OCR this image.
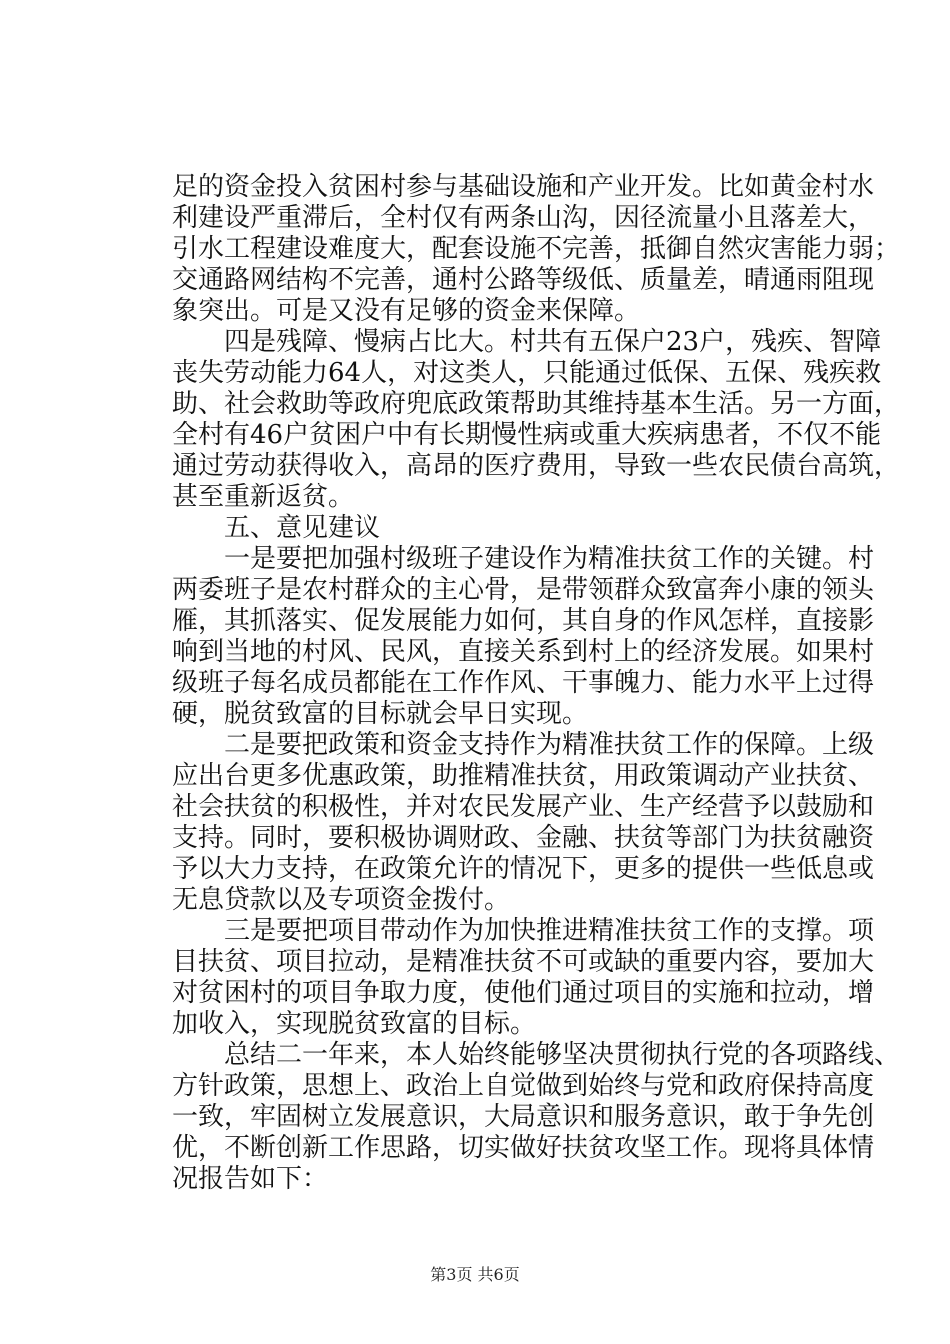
足的资金投入贫困村参与基础设施和产业开发。比如黄金村水
利建设严重滞后，全村仅有两条山沟，因径流量小且落差大，
引水工程建设难度大，配套设施不完善，抵御自然灾害能力弱；
交通路网结构不完善，通村公路等级低、质量差，晴通雨阻现
象突出。可是又没有足够的资金来保障。
四是残障、慢病占比大。村共有五保户23户，残疾、智障
丧失劳动能力64人，对这类人，只能通过低保、五保、残疾救
助、社会救助等政府兜底政策帮助其维持基本生活。另一方面，
全村有46户贫困户中有长期慢性病或重大疾病患者，不仅不能
通过劳动获得收入，高昂的医疗费用，导致一些农民债台高筑，
甚至重新返贫。
五、意见建议
一是要把加强村级班子建设作为精准扶贫工作的关键。村
两委班子是农村群众的主心骨，是带领群众致富奔小康的领头
雁，其抓落实、促发展能力如何，其自身的作风怎样，直接影
响到当地的村风、民风，直接关系到村上的经济发展。如果村
级班子每名成员都能在工作作风、干事魄力、能力水平上过得
硬，脱贫致富的目标就会早日实现。
二是要把政策和资金支持作为精准扶贫工作的保障。上级
应出台更多优惠政策，助推精准扶贫，用政策调动产业扶贫、
社会扶贫的积极性，并对农民发展产业、生产经营予以鼓励和
支持。同时，要积极协调财政、金融、扶贫等部门为扶贫融资
予以大力支持，在政策允许的情况下，更多的提供一些低息或
无息贷款以及专项资金拨付。
三是要把项目带动作为加快推进精准扶贫工作的支撑。项
目扶贫、项目拉动，是精准扶贫不可或缺的重要内容，要加大
对贫困村的项目争取力度，使他们通过项目的实施和拉动，增
加收入，实现脱贫致富的目标。
总结二一年来，本人始终能够坚决贯彻执行党的各项路线、
方针政策，思想上、政治上自觉做到始终与党和政府保持高度
一致，牢固树立发展意识，大局意识和服务意识，敢于争先创
优，不断创新工作思路，切实做好扶贫攻坚工作。现将具体情
况报告如下：
第3页 共6页
